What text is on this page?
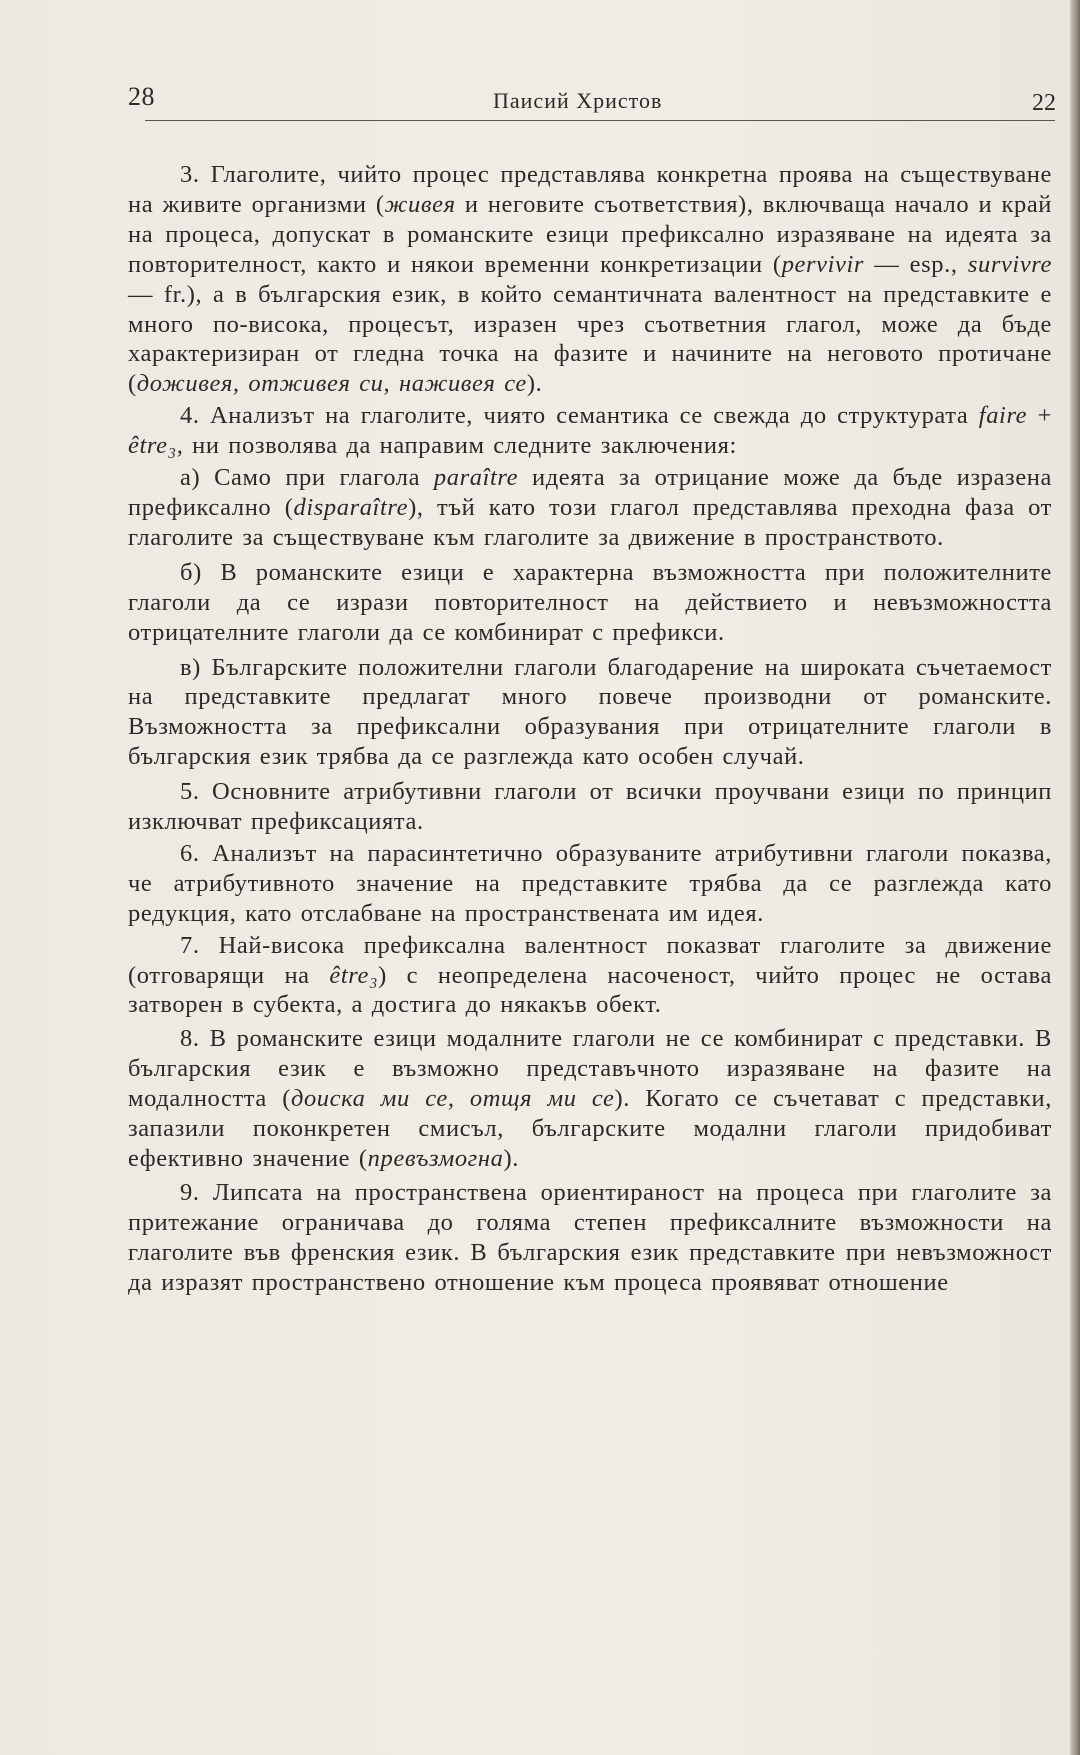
28	Паисий Христов	22

3. Глаголите, чийто процес представлява конкретна проява на съществуване на живите организми (живея и неговите съответствия), включваща начало и край на процеса, допускат в романските езици префиксално изразяване на идеята за повторителност, както и някои временни конкретизации (pervivir — esp., survivre — fr.), а в българския език, в който семантичната валентност на представките е много по-висока, процесът, изразен чрез съответния глагол, може да бъде характеризиран от гледна точка на фазите и начините на неговото протичане (доживея, отживея си, наживея се).

4. Анализът на глаголите, чиято семантика се свежда до структурата faire + être₃, ни позволява да направим следните заключения:

а) Само при глагола paraître идеята за отрицание може да бъде изразена префиксално (disparaître), тъй като този глагол представлява преходна фаза от глаголите за съществуване към глаголите за движение в пространството.

б) В романските езици е характерна възможността при положителните глаголи да се изрази повторителност на действието и невъзможността отрицателните глаголи да се комбинират с префикси.

в) Българските положителни глаголи благодарение на широката съчетаемост на представките предлагат много повече производни от романските. Възможността за префиксални образувания при отрицателните глаголи в българския език трябва да се разглежда като особен случай.

5. Основните атрибутивни глаголи от всички проучвани езици по принцип изключват префиксацията.

6. Анализът на парасинтетично образуваните атрибутивни глаголи показва, че атрибутивното значение на представките трябва да се разглежда като редукция, като отслабване на пространствената им идея.

7. Най-висока префиксална валентност показват глаголите за движение (отговарящи на être₃) с неопределена насоченост, чийто процес не остава затворен в субекта, а достига до някакъв обект.

8. В романските езици модалните глаголи не се комбинират с представки. В българския език е възможно представъчното изразяване на фазите на модалността (доиска ми се, отщя ми се). Когато се съчетават с представки, запазили поконкретен смисъл, българските модални глаголи придобиват ефективно значение (превъзмогна).

9. Липсата на пространствена ориентираност на процеса при глаголите за притежание ограничава до голяма степен префиксалните възможности на глаголите във френския език. В българския език представките при невъзможност да изразят пространствено отношение към процеса проявяват отношение
